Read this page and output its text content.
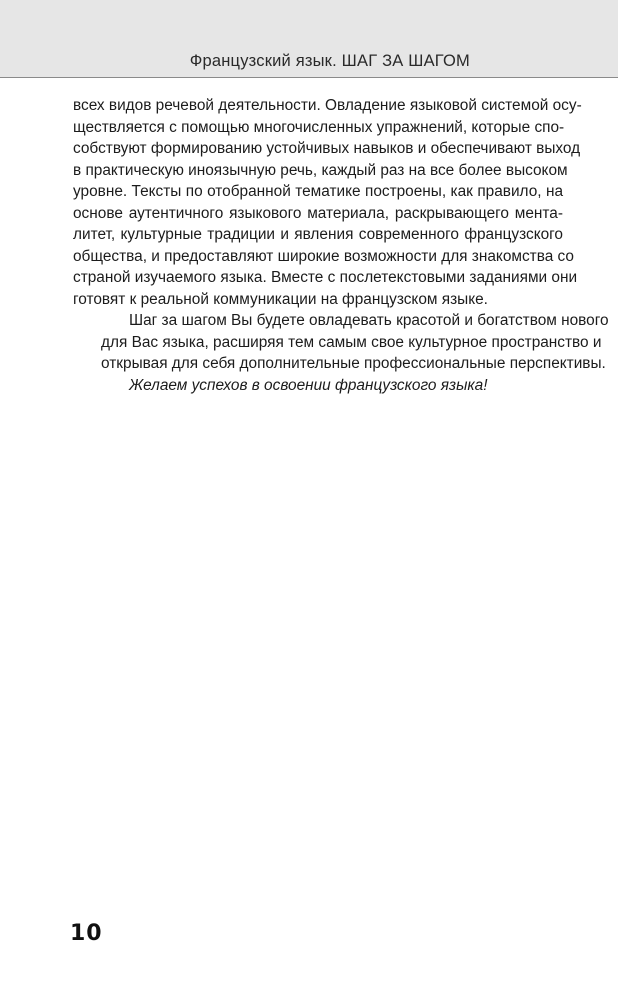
Французский язык. ШАГ ЗА ШАГОМ

всех видов речевой деятельности. Овладение языковой системой осу-
ществляется с помощью многочисленных упражнений, которые спо-
собствуют формированию устойчивых навыков и обеспечивают выход
в практическую иноязычную речь, каждый раз на все более высоком
уровне. Тексты по отобранной тематике построены, как правило, на
основе аутентичного языкового материала, раскрывающего мента-
литет, культурные традиции и явления современного французского
общества, и предоставляют широкие возможности для знакомства со
страной изучаемого языка. Вместе с послетекстовыми заданиями они
готовят к реальной коммуникации на французском языке.

Шаг за шагом Вы будете овладевать красотой и богатством нового
для Вас языка, расширяя тем самым свое культурное пространство и
открывая для себя дополнительные профессиональные перспективы.

Желаем успехов в освоении французского языка!

10
